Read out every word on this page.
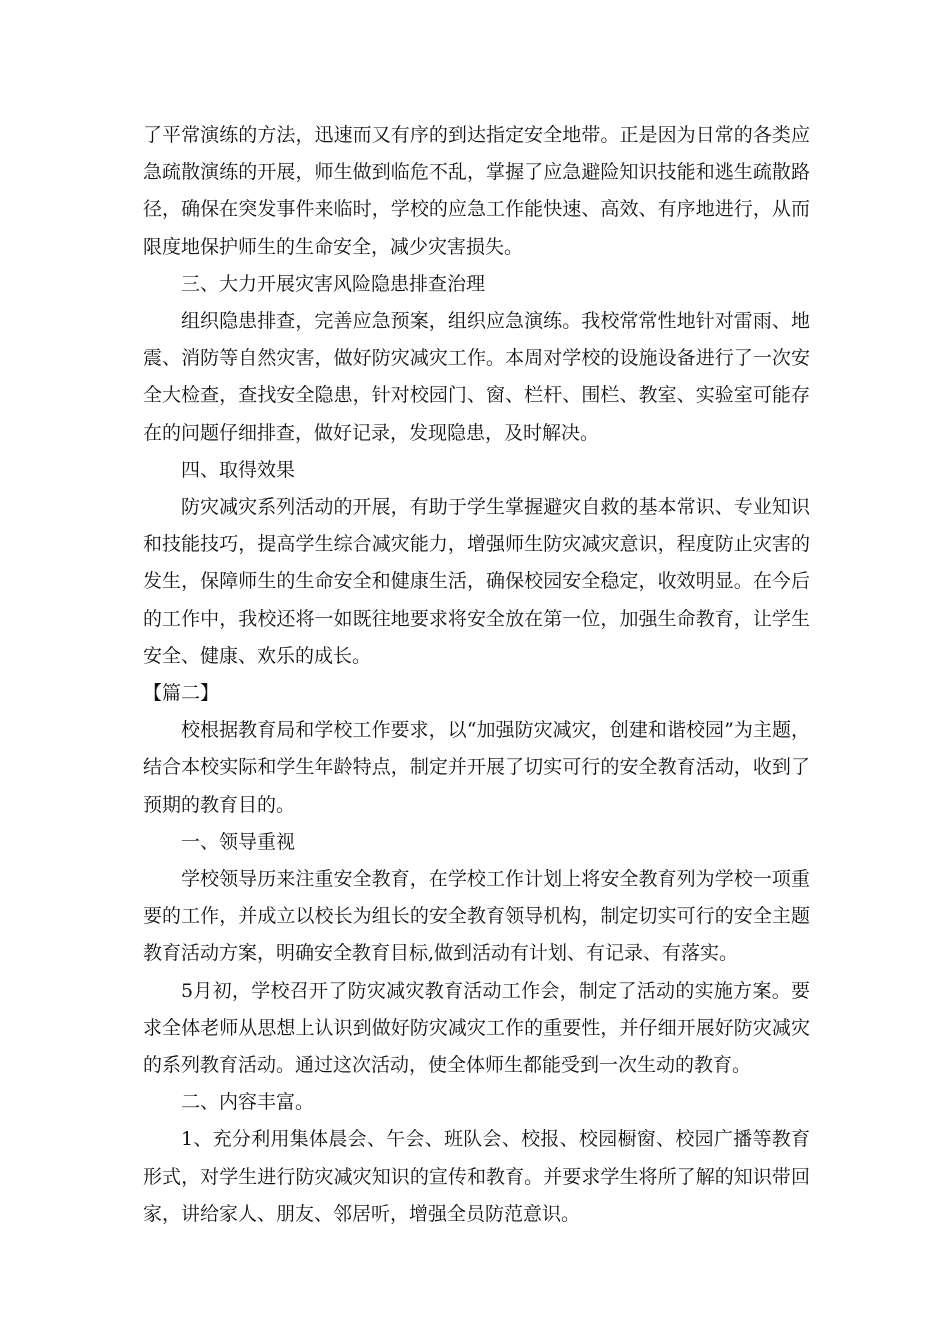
了平常演练的方法，迅速而又有序的到达指定安全地带。正是因为日常的各类应急疏散演练的开展，师生做到临危不乱，掌握了应急避险知识技能和逃生疏散路径，确保在突发事件来临时，学校的应急工作能快速、高效、有序地进行，从而限度地保护师生的生命安全，减少灾害损失。

三、大力开展灾害风险隐患排查治理

组织隐患排查，完善应急预案，组织应急演练。我校常常性地针对雷雨、地震、消防等自然灾害，做好防灾减灾工作。本周对学校的设施设备进行了一次安全大检查，查找安全隐患，针对校园门、窗、栏杆、围栏、教室、实验室可能存在的问题仔细排查，做好记录，发现隐患，及时解决。

四、取得效果

防灾减灾系列活动的开展，有助于学生掌握避灾自救的基本常识、专业知识和技能技巧，提高学生综合减灾能力，增强师生防灾减灾意识，程度防止灾害的发生，保障师生的生命安全和健康生活，确保校园安全稳定，收效明显。在今后的工作中，我校还将一如既往地要求将安全放在第一位，加强生命教育，让学生安全、健康、欢乐的成长。

【篇二】

校根据教育局和学校工作要求，以“加强防灾减灾，创建和谐校园”为主题，结合本校实际和学生年龄特点，制定并开展了切实可行的安全教育活动，收到了预期的教育目的。

一、领导重视

学校领导历来注重安全教育，在学校工作计划上将安全教育列为学校一项重要的工作，并成立以校长为组长的安全教育领导机构，制定切实可行的安全主题教育活动方案，明确安全教育目标,做到活动有计划、有记录、有落实。

5月初，学校召开了防灾减灾教育活动工作会，制定了活动的实施方案。要求全体老师从思想上认识到做好防灾减灾工作的重要性，并仔细开展好防灾减灾的系列教育活动。通过这次活动，使全体师生都能受到一次生动的教育。

二、内容丰富。

1、充分利用集体晨会、午会、班队会、校报、校园橱窗、校园广播等教育形式，对学生进行防灾减灾知识的宣传和教育。并要求学生将所了解的知识带回家，讲给家人、朋友、邻居听，增强全员防范意识。
